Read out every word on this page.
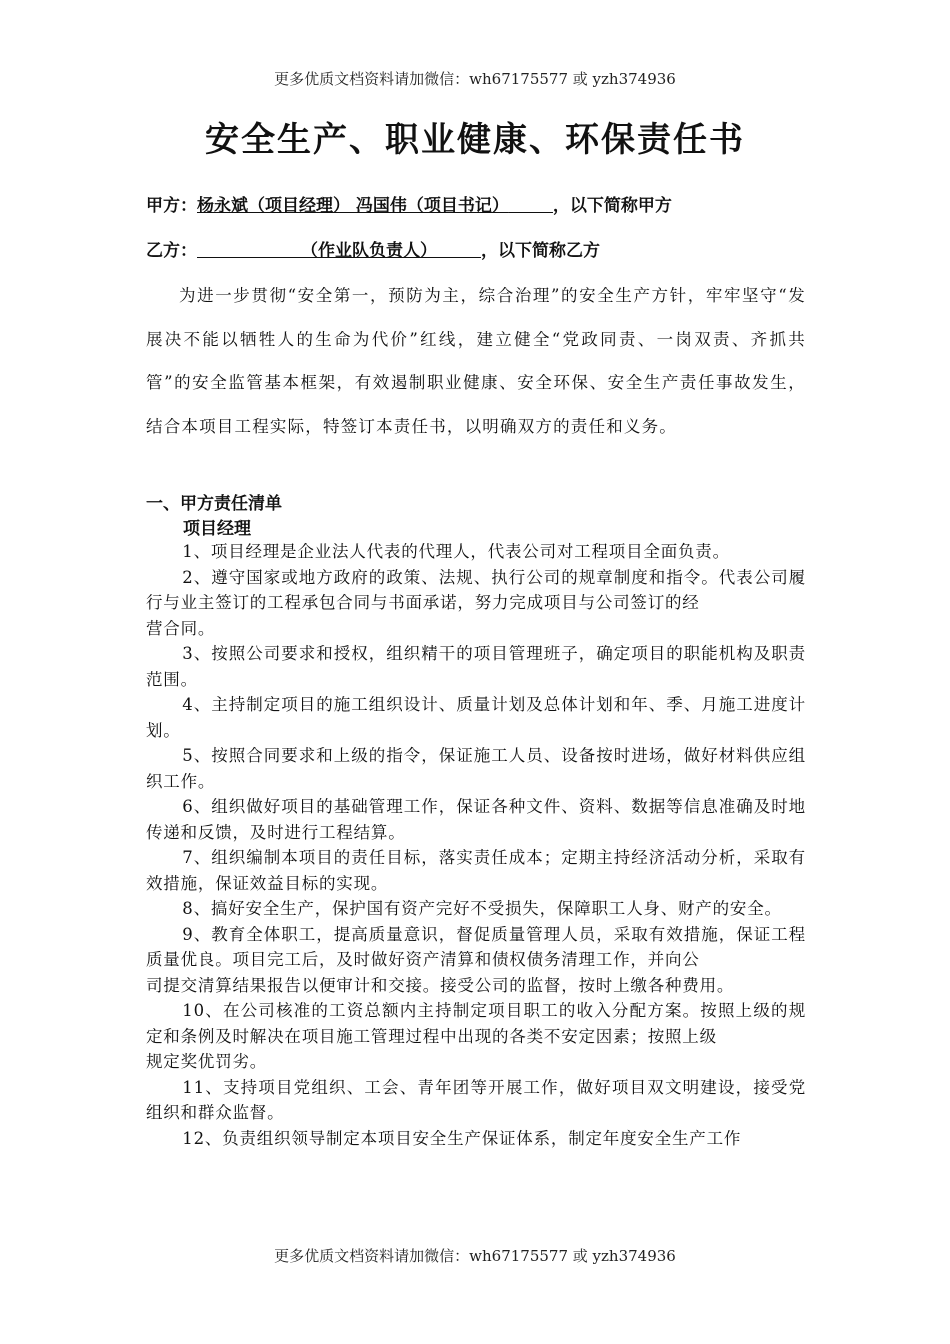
更多优质文档资料请加微信：wh67175577 或 yzh374936
安全生产、职业健康、环保责任书
甲方：杨永斌（项目经理） 冯国伟（项目书记）	，以下简称甲方
乙方：	（作业队负责人）	，以下简称乙方

为进一步贯彻“安全第一，预防为主，综合治理”的安全生产方针，牢牢坚守“发展决不能以牺牲人的生命为代价”红线，建立健全“党政同责、一岗双责、齐抓共管”的安全监管基本框架，有效遏制职业健康、安全环保、安全生产责任事故发生，结合本项目工程实际，特签订本责任书，以明确双方的责任和义务。

一、甲方责任清单
项目经理

1、项目经理是企业法人代表的代理人，代表公司对工程项目全面负责。

2、遵守国家或地方政府的政策、法规、执行公司的规章制度和指令。代表公司履行与业主签订的工程承包合同与书面承诺，努力完成项目与公司签订的经

营合同。

3、按照公司要求和授权，组织精干的项目管理班子，确定项目的职能机构及职责范围。

4、主持制定项目的施工组织设计、质量计划及总体计划和年、季、月施工进度计划。

5、按照合同要求和上级的指令，保证施工人员、设备按时进场，做好材料供应组织工作。

6、组织做好项目的基础管理工作，保证各种文件、资料、数据等信息准确及时地传递和反馈，及时进行工程结算。

7、组织编制本项目的责任目标，落实责任成本；定期主持经济活动分析，采取有效措施，保证效益目标的实现。

8、搞好安全生产，保护国有资产完好不受损失，保障职工人身、财产的安全。

9、教育全体职工，提高质量意识，督促质量管理人员，采取有效措施，保证工程质量优良。项目完工后，及时做好资产清算和债权债务清理工作，并向公

司提交清算结果报告以便审计和交接。接受公司的监督，按时上缴各种费用。

10、在公司核准的工资总额内主持制定项目职工的收入分配方案。按照上级的规定和条例及时解决在项目施工管理过程中出现的各类不安定因素；按照上级

规定奖优罚劣。

11、支持项目党组织、工会、青年团等开展工作，做好项目双文明建设，接受党组织和群众监督。

12、负责组织领导制定本项目安全生产保证体系，制定年度安全生产工作

更多优质文档资料请加微信：wh67175577 或 yzh374936
